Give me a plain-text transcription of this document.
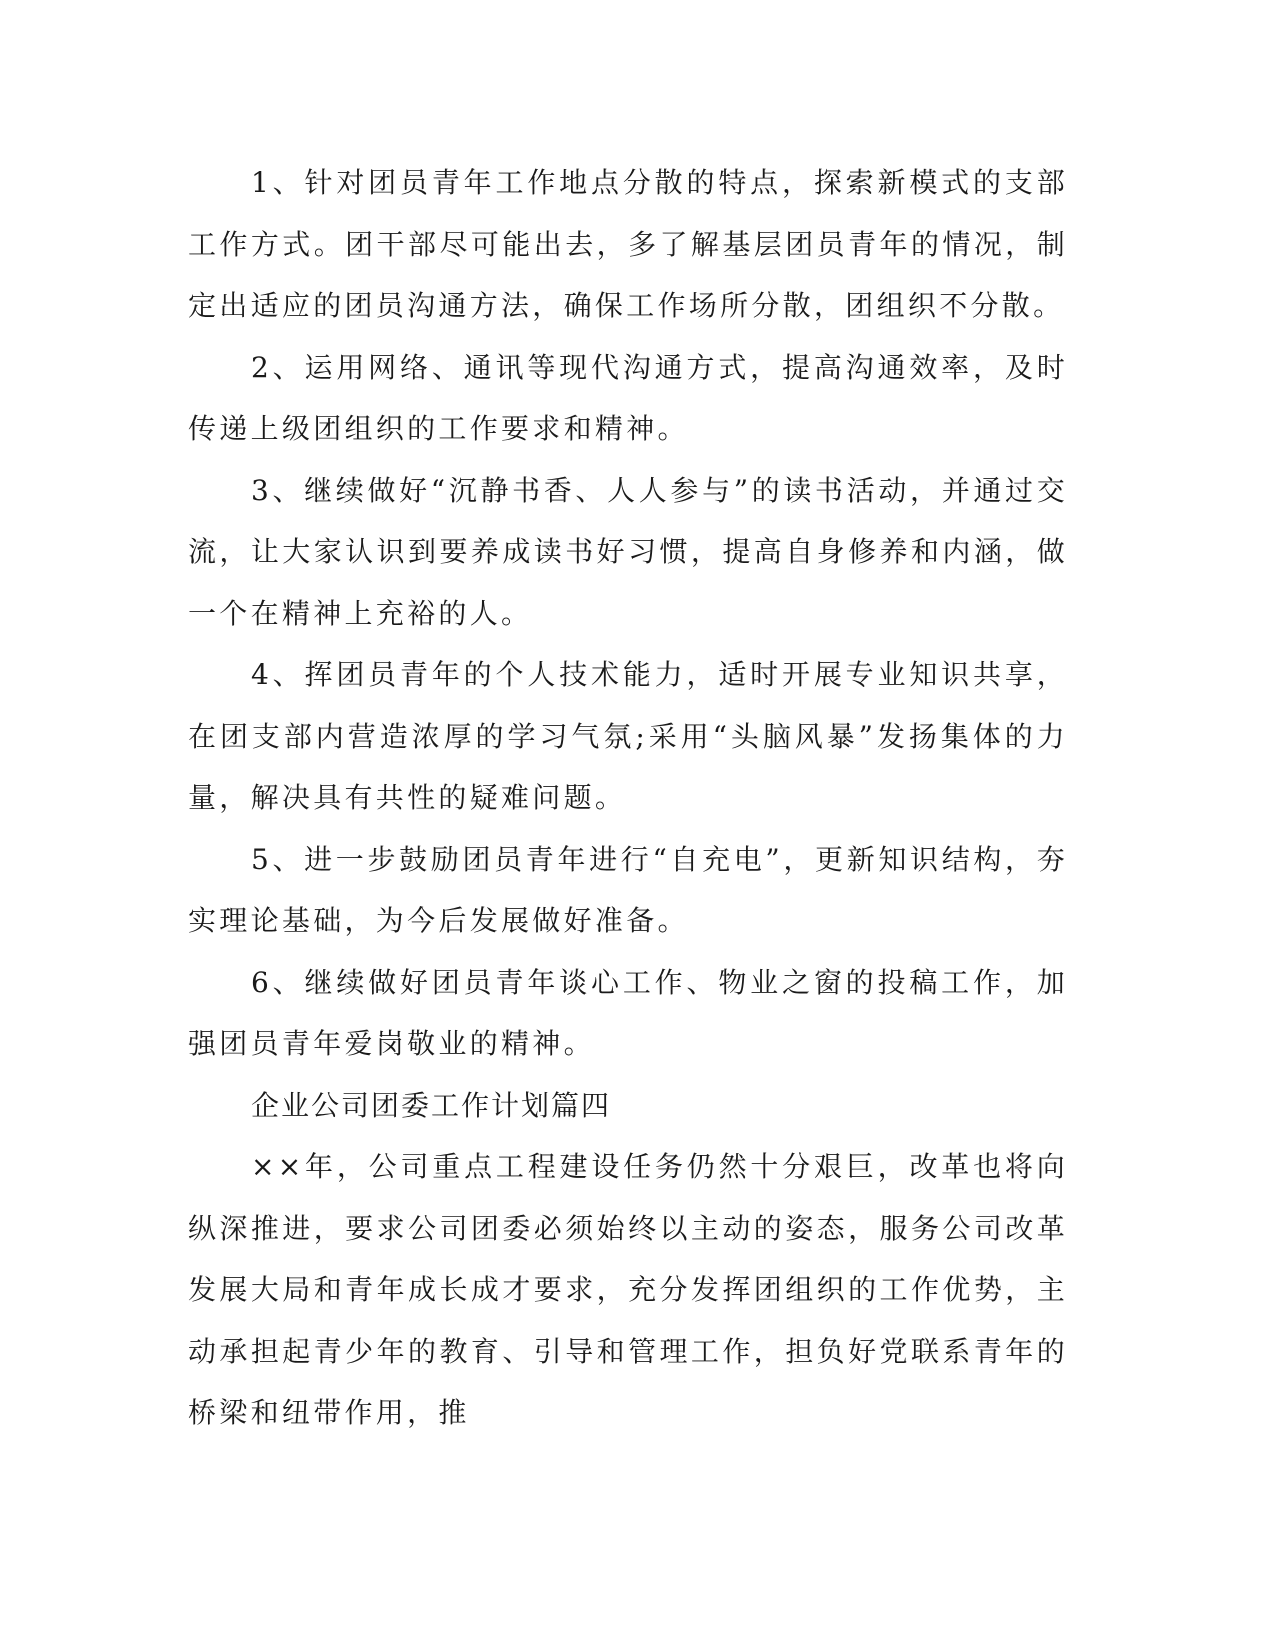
1、针对团员青年工作地点分散的特点，探索新模式的支部工作方式。团干部尽可能出去，多了解基层团员青年的情况，制定出适应的团员沟通方法，确保工作场所分散，团组织不分散。

2、运用网络、通讯等现代沟通方式，提高沟通效率，及时传递上级团组织的工作要求和精神。

3、继续做好“沉静书香、人人参与”的读书活动，并通过交流，让大家认识到要养成读书好习惯，提高自身修养和内涵，做一个在精神上充裕的人。

4、挥团员青年的个人技术能力，适时开展专业知识共享，在团支部内营造浓厚的学习气氛;采用“头脑风暴”发扬集体的力量，解决具有共性的疑难问题。

5、进一步鼓励团员青年进行“自充电”，更新知识结构，夯实理论基础，为今后发展做好准备。

6、继续做好团员青年谈心工作、物业之窗的投稿工作，加强团员青年爱岗敬业的精神。

企业公司团委工作计划篇四

××年，公司重点工程建设任务仍然十分艰巨，改革也将向纵深推进，要求公司团委必须始终以主动的姿态，服务公司改革发展大局和青年成长成才要求，充分发挥团组织的工作优势，主动承担起青少年的教育、引导和管理工作，担负好党联系青年的桥梁和纽带作用，推
